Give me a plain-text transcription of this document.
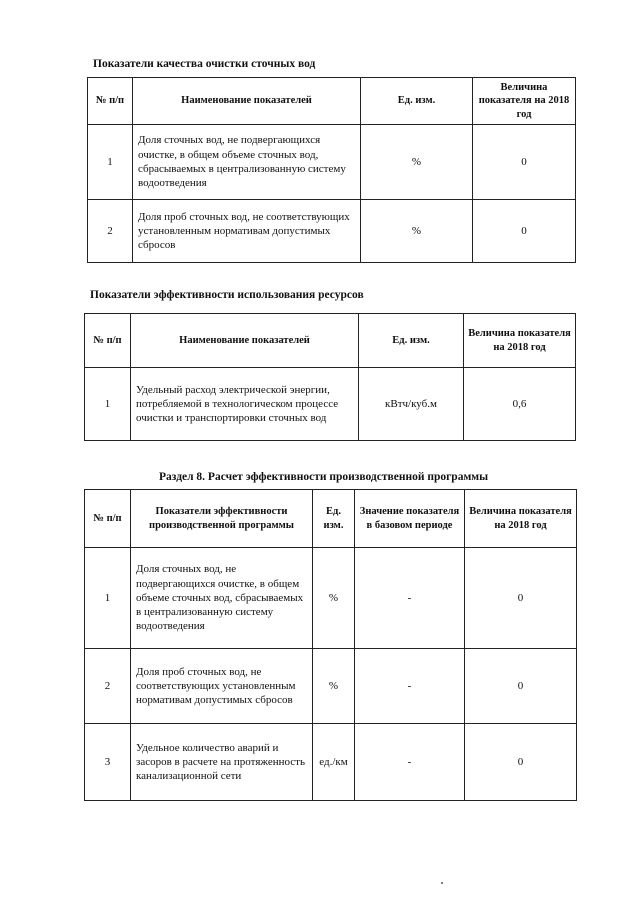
Показатели качества очистки сточных вод

№ п/п	Наименование показателей	Ед. изм.	Величина показателя на 2018 год
1	Доля сточных вод, не подвергающихся очистке, в общем объеме сточных вод, сбрасываемых в централизованную систему водоотведения	%	0
2	Доля проб сточных вод, не соответствующих установленным нормативам допустимых сбросов	%	0

Показатели эффективности использования ресурсов

№ п/п	Наименование показателей	Ед. изм.	Величина показателя на 2018 год
1	Удельный расход электрической энергии, потребляемой в технологическом процессе очистки и транспортировки сточных вод	кВтч/куб.м	0,6

Раздел 8. Расчет эффективности производственной программы

№ п/п	Показатели эффективности производственной программы	Ед. изм.	Значение показателя в базовом периоде	Величина показателя на 2018 год
1	Доля сточных вод, не подвергающихся очистке, в общем объеме сточных вод, сбрасываемых в централизованную систему водоотведения	%	-	0
2	Доля проб сточных вод, не соответствующих установленным нормативам допустимых сбросов	%	-	0
3	Удельное количество аварий и засоров в расчете на протяженность канализационной сети	ед./км	-	0
